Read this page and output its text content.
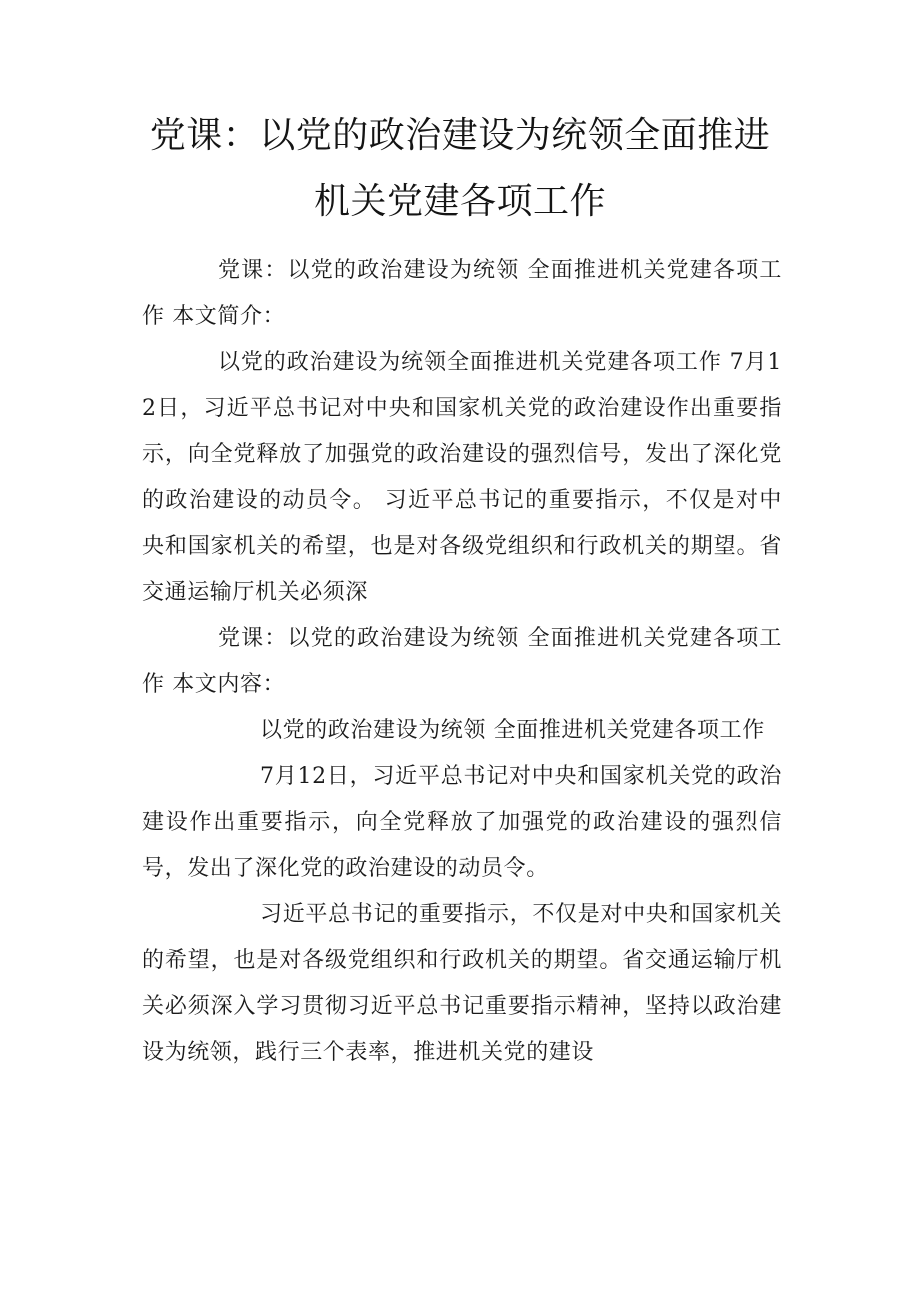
党课：以党的政治建设为统领全面推进机关党建各项工作

党课：以党的政治建设为统领 全面推进机关党建各项工作 本文简介：

以党的政治建设为统领全面推进机关党建各项工作 7月12日，习近平总书记对中央和国家机关党的政治建设作出重要指示，向全党释放了加强党的政治建设的强烈信号，发出了深化党的政治建设的动员令。 习近平总书记的重要指示，不仅是对中央和国家机关的希望，也是对各级党组织和行政机关的期望。省交通运输厅机关必须深

党课：以党的政治建设为统领 全面推进机关党建各项工作 本文内容：

以党的政治建设为统领 全面推进机关党建各项工作

7月12日，习近平总书记对中央和国家机关党的政治建设作出重要指示，向全党释放了加强党的政治建设的强烈信号，发出了深化党的政治建设的动员令。

习近平总书记的重要指示，不仅是对中央和国家机关的希望，也是对各级党组织和行政机关的期望。省交通运输厅机关必须深入学习贯彻习近平总书记重要指示精神，坚持以政治建设为统领，践行三个表率，推进机关党的建设
